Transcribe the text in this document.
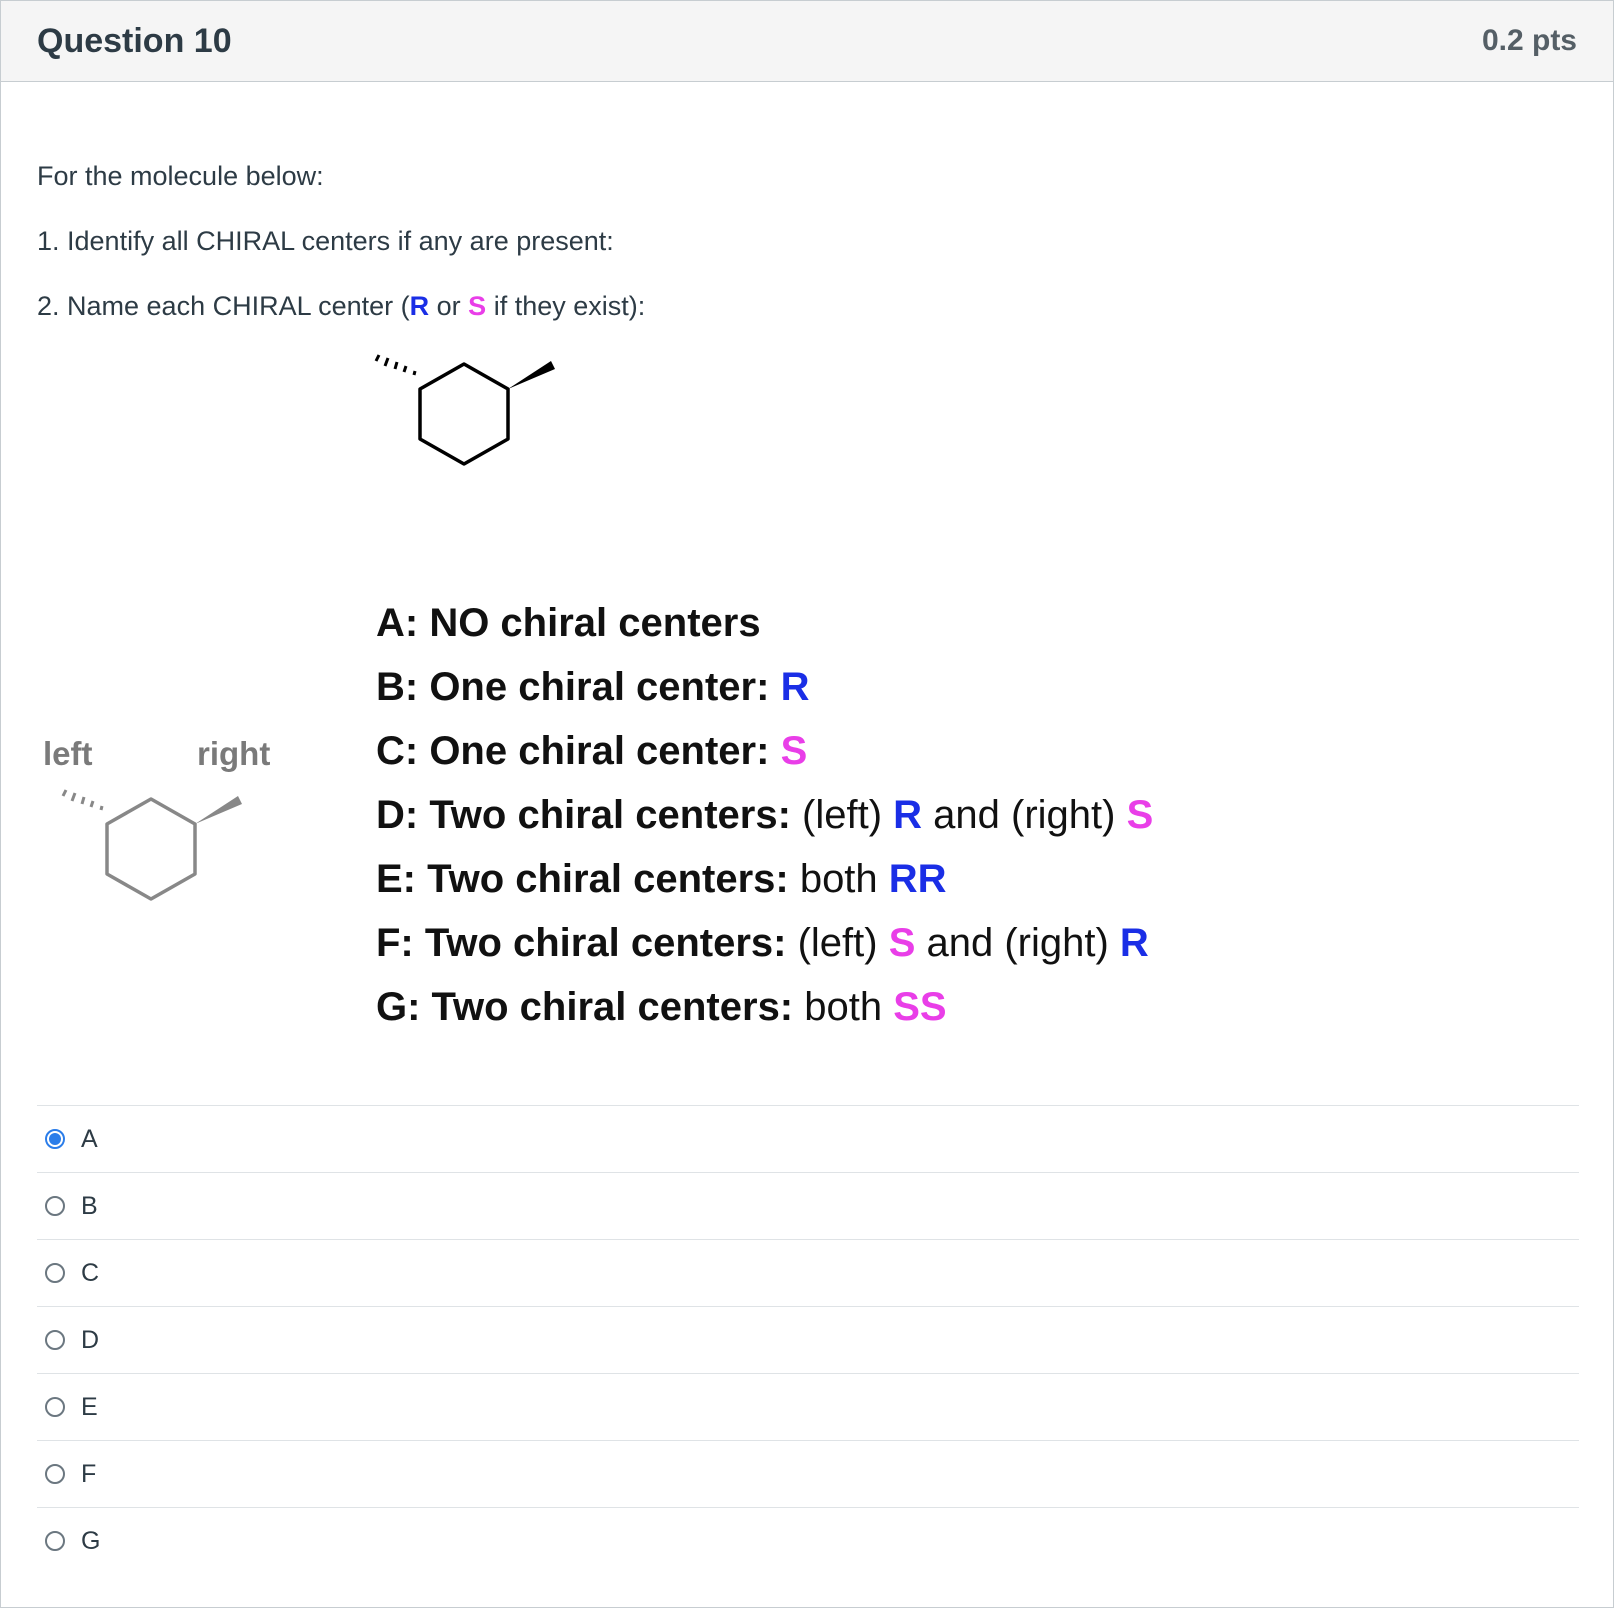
Question 10	0.2 pts
For the molecule below:
1. Identify all CHIRAL centers if any are present:
2. Name each CHIRAL center (R or S if they exist):
left	right
A: NO chiral centers
B: One chiral center: R
C: One chiral center: S
D: Two chiral centers: (left) R and (right) S
E: Two chiral centers: both RR
F: Two chiral centers: (left) S and (right) R
G: Two chiral centers: both SS
A
B
C
D
E
F
G
